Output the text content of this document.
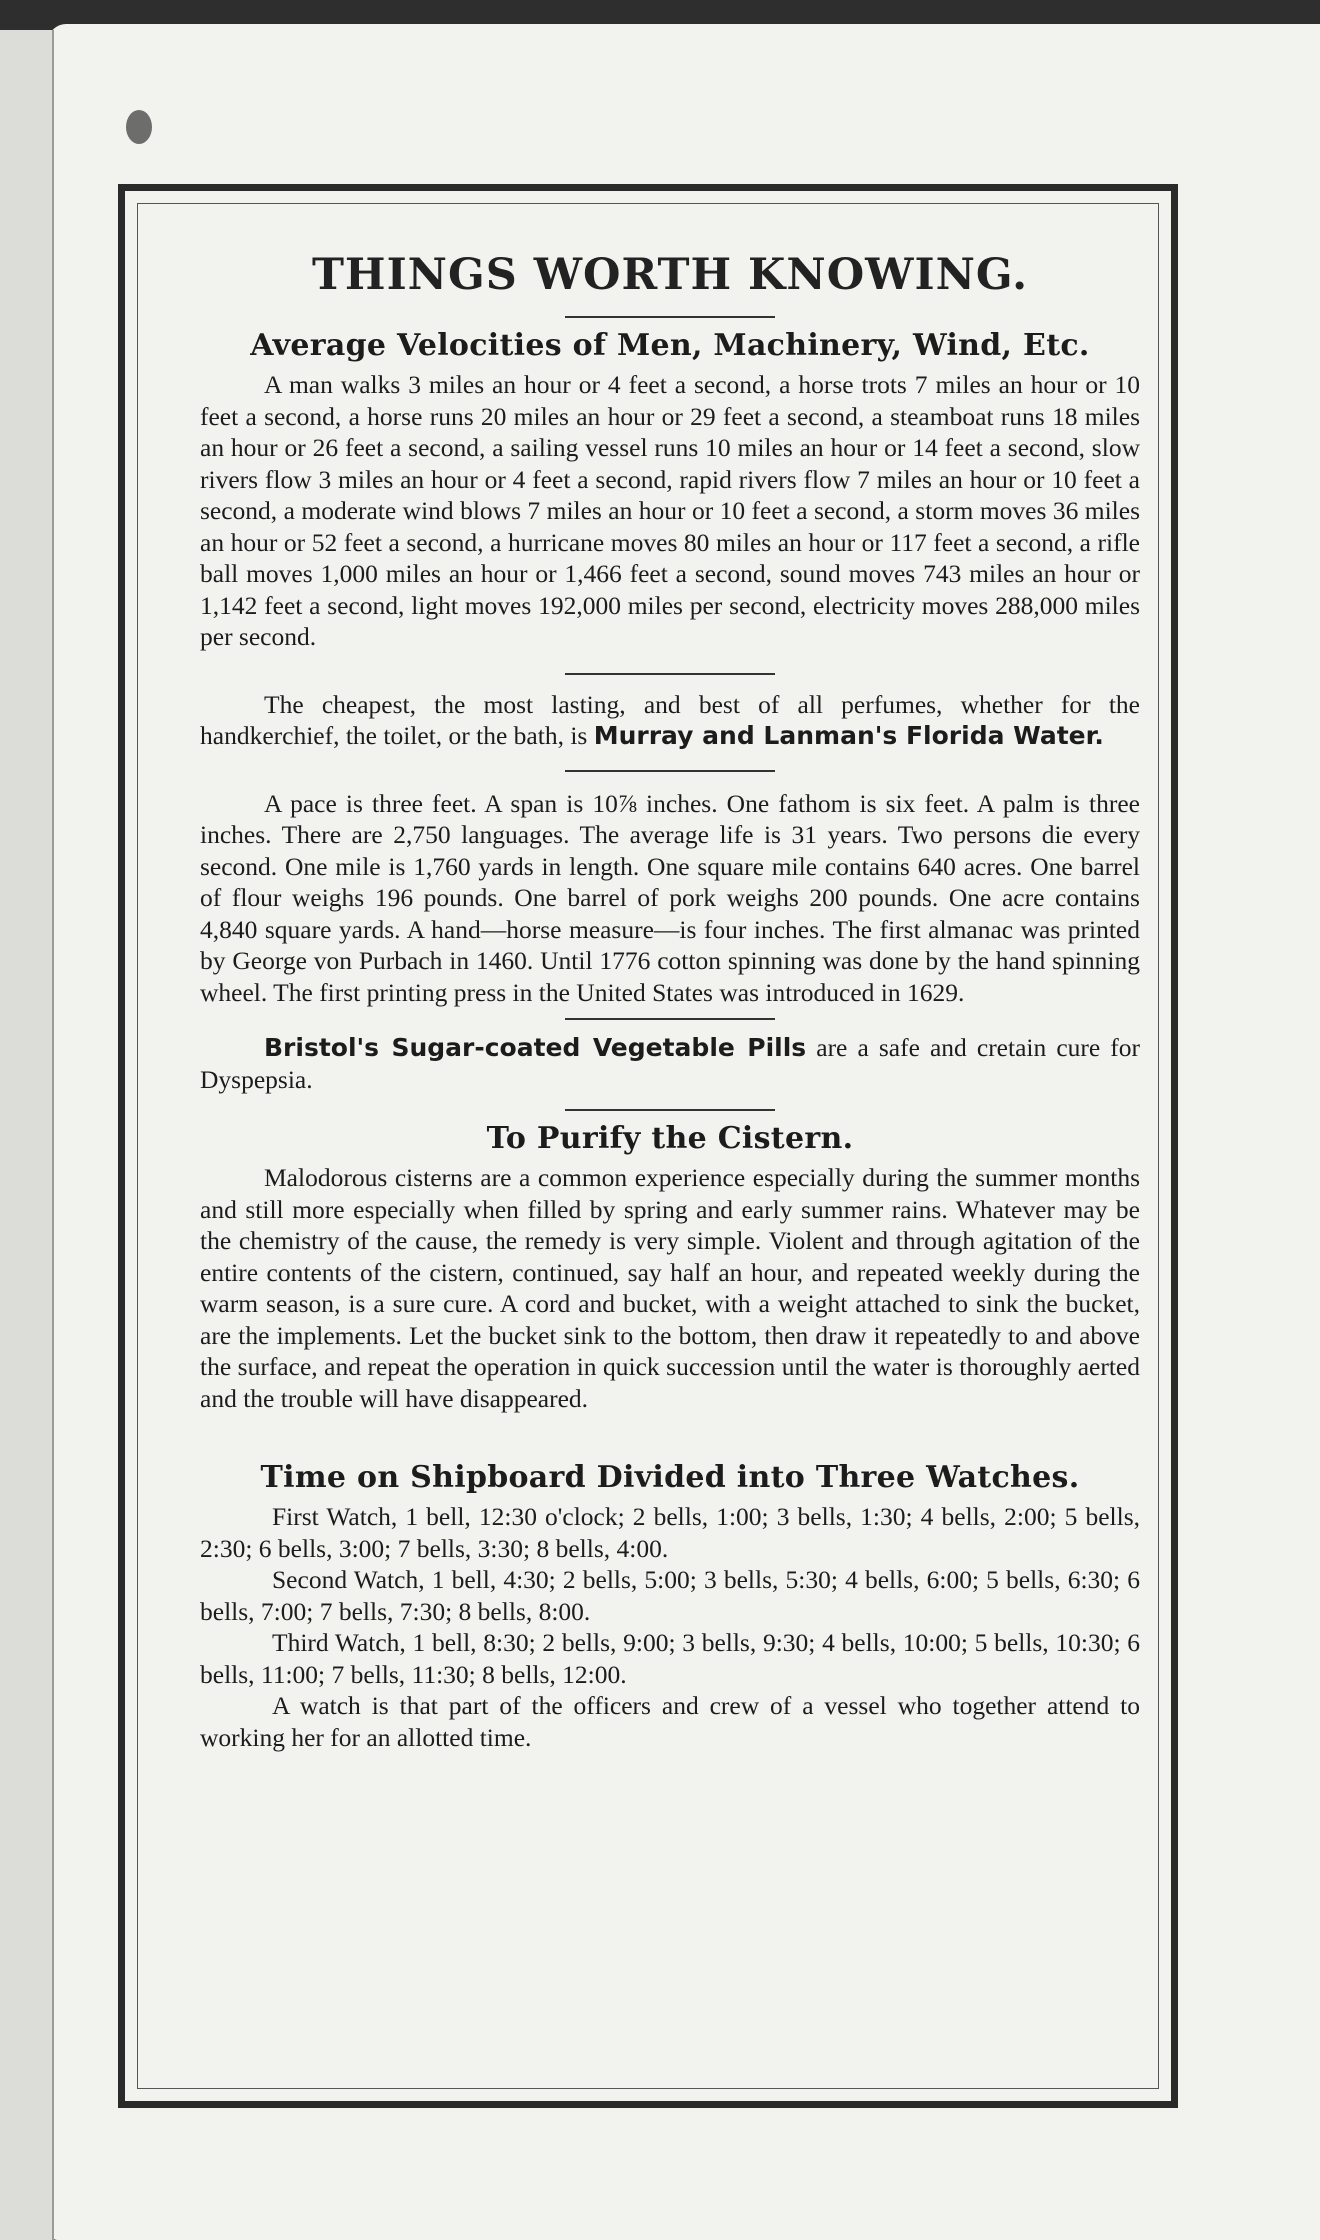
THINGS WORTH KNOWING.
Average Velocities of Men, Machinery, Wind, Etc.

A man walks 3 miles an hour or 4 feet a second, a horse trots 7 miles an hour or 10 feet a second, a horse runs 20 miles an hour or 29 feet a second, a steamboat runs 18 miles an hour or 26 feet a second, a sailing vessel runs 10 miles an hour or 14 feet a second, slow rivers flow 3 miles an hour or 4 feet a second, rapid rivers flow 7 miles an hour or 10 feet a second, a moderate wind blows 7 miles an hour or 10 feet a second, a storm moves 36 miles an hour or 52 feet a second, a hurricane moves 80 miles an hour or 117 feet a second, a rifle ball moves 1,000 miles an hour or 1,466 feet a second, sound moves 743 miles an hour or 1,142 feet a second, light moves 192,000 miles per second, electricity moves 288,000 miles per second.

The cheapest, the most lasting, and best of all perfumes, whether for the handkerchief, the toilet, or the bath, is Murray and Lanman's Florida Water.

A pace is three feet. A span is 10⅞ inches. One fathom is six feet. A palm is three inches. There are 2,750 languages. The average life is 31 years. Two persons die every second. One mile is 1,760 yards in length. One square mile contains 640 acres. One barrel of flour weighs 196 pounds. One barrel of pork weighs 200 pounds. One acre contains 4,840 square yards. A hand—horse measure—is four inches. The first almanac was printed by George von Purbach in 1460. Until 1776 cotton spinning was done by the hand spinning wheel. The first printing press in the United States was introduced in 1629.

Bristol's Sugar-coated Vegetable Pills are a safe and cretain cure for Dyspepsia.

To Purify the Cistern.

Malodorous cisterns are a common experience especially during the summer months and still more especially when filled by spring and early summer rains. Whatever may be the chemistry of the cause, the remedy is very simple. Violent and through agitation of the entire contents of the cistern, continued, say half an hour, and repeated weekly during the warm season, is a sure cure. A cord and bucket, with a weight attached to sink the bucket, are the implements. Let the bucket sink to the bottom, then draw it repeatedly to and above the surface, and repeat the operation in quick succession until the water is thoroughly aerted and the trouble will have disappeared.

Time on Shipboard Divided into Three Watches.

First Watch, 1 bell, 12:30 o'clock; 2 bells, 1:00; 3 bells, 1:30; 4 bells, 2:00; 5 bells, 2:30; 6 bells, 3:00; 7 bells, 3:30; 8 bells, 4:00.

Second Watch, 1 bell, 4:30; 2 bells, 5:00; 3 bells, 5:30; 4 bells, 6:00; 5 bells, 6:30; 6 bells, 7:00; 7 bells, 7:30; 8 bells, 8:00.

Third Watch, 1 bell, 8:30; 2 bells, 9:00; 3 bells, 9:30; 4 bells, 10:00; 5 bells, 10:30; 6 bells, 11:00; 7 bells, 11:30; 8 bells, 12:00.

A watch is that part of the officers and crew of a vessel who together attend to working her for an allotted time.
